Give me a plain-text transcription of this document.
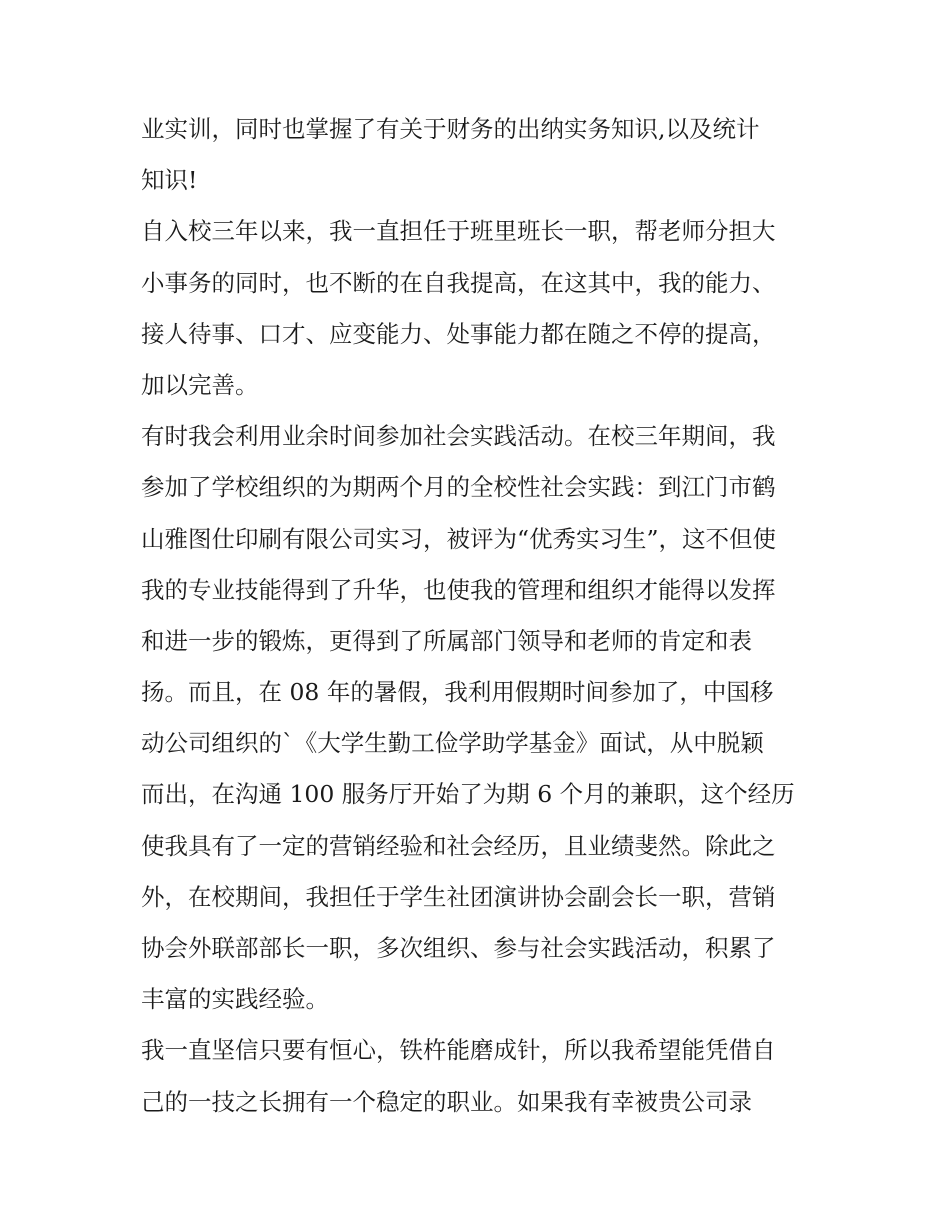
业实训，同时也掌握了有关于财务的出纳实务知识,以及统计
知识!
自入校三年以来，我一直担任于班里班长一职，帮老师分担大
小事务的同时，也不断的在自我提高，在这其中，我的能力、
接人待事、口才、应变能力、处事能力都在随之不停的提高，
加以完善。
有时我会利用业余时间参加社会实践活动。在校三年期间，我
参加了学校组织的为期两个月的全校性社会实践：到江门市鹤
山雅图仕印刷有限公司实习，被评为“优秀实习生”，这不但使
我的专业技能得到了升华，也使我的管理和组织才能得以发挥
和进一步的锻炼，更得到了所属部门领导和老师的肯定和表
扬。而且，在 08 年的暑假，我利用假期时间参加了，中国移
动公司组织的`《大学生勤工俭学助学基金》面试，从中脱颖
而出，在沟通 100 服务厅开始了为期 6 个月的兼职，这个经历
使我具有了一定的营销经验和社会经历，且业绩斐然。除此之
外，在校期间，我担任于学生社团演讲协会副会长一职，营销
协会外联部部长一职，多次组织、参与社会实践活动，积累了
丰富的实践经验。
我一直坚信只要有恒心，铁杵能磨成针，所以我希望能凭借自
己的一技之长拥有一个稳定的职业。如果我有幸被贵公司录
